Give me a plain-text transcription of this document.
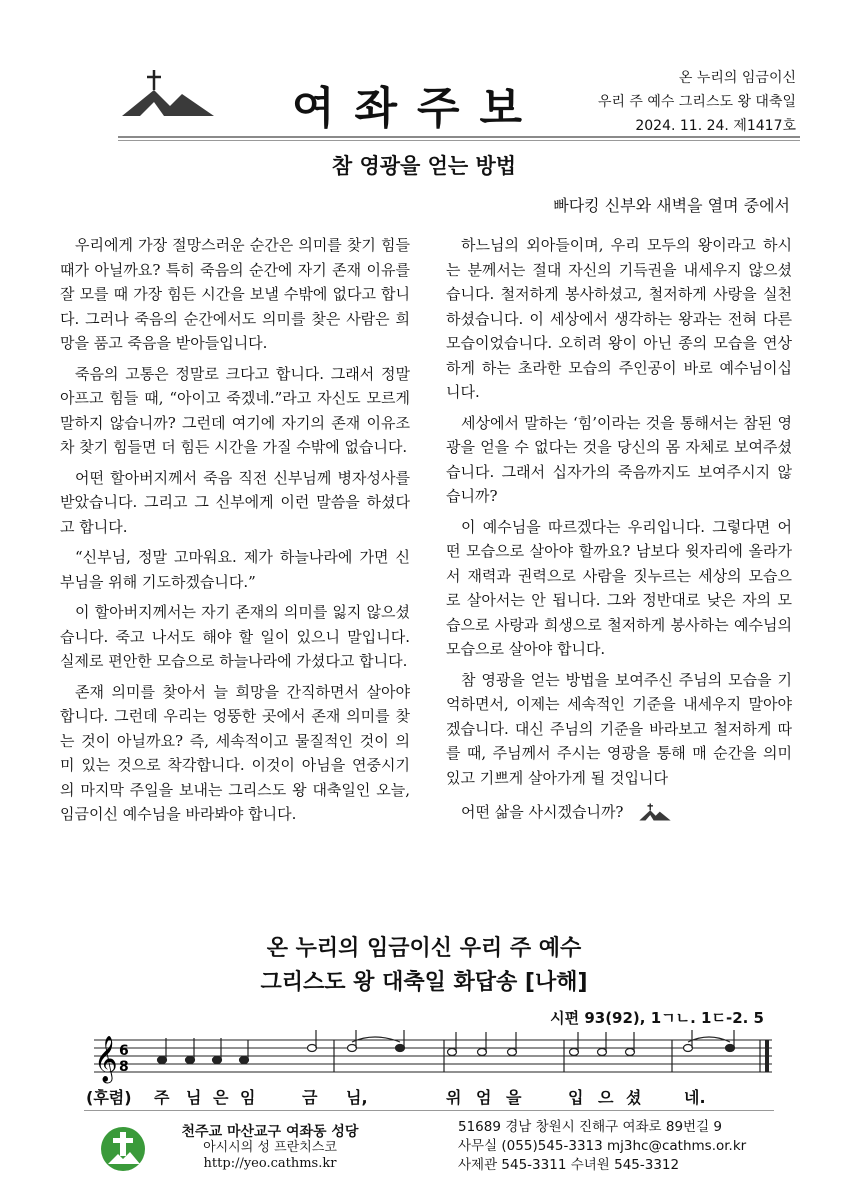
여좌주보
온 누리의 임금이신
우리 주 예수 그리스도 왕 대축일
2024. 11. 24. 제1417호
참 영광을 얻는 방법
빠다킹 신부와 새벽을 열며 중에서

우리에게 가장 절망스러운 순간은 의미를 찾기 힘들 때가 아닐까요? 특히 죽음의 순간에 자기 존재 이유를 잘 모를 때 가장 힘든 시간을 보낼 수밖에 없다고 합니다. 그러나 죽음의 순간에서도 의미를 찾은 사람은 희망을 품고 죽음을 받아들입니다.

죽음의 고통은 정말로 크다고 합니다. 그래서 정말 아프고 힘들 때, “아이고 죽겠네.”라고 자신도 모르게 말하지 않습니까? 그런데 여기에 자기의 존재 이유조차 찾기 힘들면 더 힘든 시간을 가질 수밖에 없습니다.

어떤 할아버지께서 죽음 직전 신부님께 병자성사를 받았습니다. 그리고 그 신부에게 이런 말씀을 하셨다고 합니다.

“신부님, 정말 고마워요. 제가 하늘나라에 가면 신부님을 위해 기도하겠습니다.”

이 할아버지께서는 자기 존재의 의미를 잃지 않으셨습니다. 죽고 나서도 해야 할 일이 있으니 말입니다. 실제로 편안한 모습으로 하늘나라에 가셨다고 합니다.

존재 의미를 찾아서 늘 희망을 간직하면서 살아야 합니다. 그런데 우리는 엉뚱한 곳에서 존재 의미를 찾는 것이 아닐까요? 즉, 세속적이고 물질적인 것이 의미 있는 것으로 착각합니다. 이것이 아님을 연중시기의 마지막 주일을 보내는 그리스도 왕 대축일인 오늘, 임금이신 예수님을 바라봐야 합니다.

하느님의 외아들이며, 우리 모두의 왕이라고 하시는 분께서는 절대 자신의 기득권을 내세우지 않으셨습니다. 철저하게 봉사하셨고, 철저하게 사랑을 실천하셨습니다. 이 세상에서 생각하는 왕과는 전혀 다른 모습이었습니다. 오히려 왕이 아닌 종의 모습을 연상하게 하는 초라한 모습의 주인공이 바로 예수님이십니다.

세상에서 말하는 ‘힘’이라는 것을 통해서는 참된 영광을 얻을 수 없다는 것을 당신의 몸 자체로 보여주셨습니다. 그래서 십자가의 죽음까지도 보여주시지 않습니까?

이 예수님을 따르겠다는 우리입니다. 그렇다면 어떤 모습으로 살아야 할까요? 남보다 윗자리에 올라가서 재력과 권력으로 사람을 짓누르는 세상의 모습으로 살아서는 안 됩니다. 그와 정반대로 낮은 자의 모습으로 사랑과 희생으로 철저하게 봉사하는 예수님의 모습으로 살아야 합니다.

참 영광을 얻는 방법을 보여주신 주님의 모습을 기억하면서, 이제는 세속적인 기준을 내세우지 말아야겠습니다. 대신 주님의 기준을 바라보고 철저하게 따를 때, 주님께서 주시는 영광을 통해 매 순간을 의미 있고 기쁘게 살아가게 될 것입니다

어떤 삶을 사시겠습니까?

온 누리의 임금이신 우리 주 예수
그리스도 왕 대축일 화답송 [나해]
시편 93(92), 1ㄱㄴ. 1ㄷ-2. 5
𝄞 6
8
(후렴) 주 님 은 임	금 님,	위 엄 을	입 으 셨	네.
천주교 마산교구 여좌동 성당
아시시의 성 프란치스코
http://yeo.cathms.kr
51689 경남 창원시 진해구 여좌로 89번길 9
사무실 (055)545-3313 mj3hc@cathms.or.kr
사제관 545-3311 수녀원 545-3312
